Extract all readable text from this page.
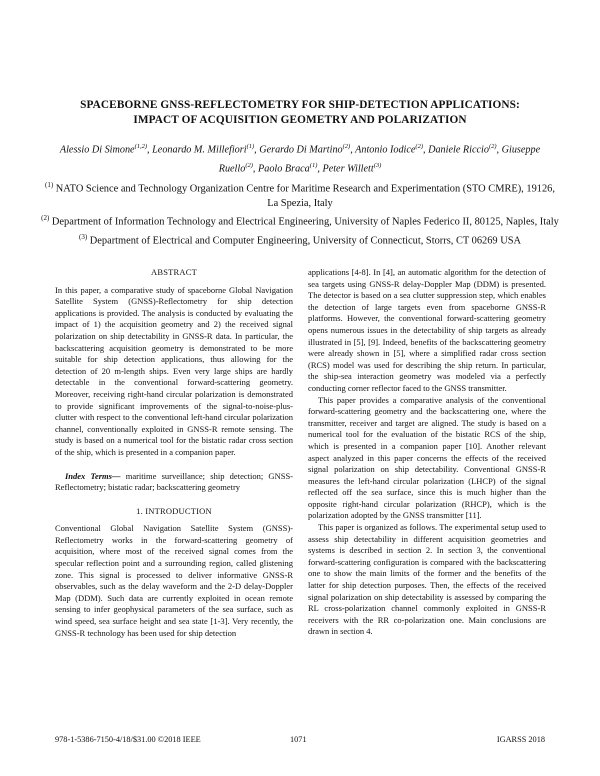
SPACEBORNE GNSS-REFLECTOMETRY FOR SHIP-DETECTION APPLICATIONS:
IMPACT OF ACQUISITION GEOMETRY AND POLARIZATION
Alessio Di Simone$^{(1,2)}$, Leonardo M. Millefiori$^{(1)}$, Gerardo Di Martino$^{(2)}$, Antonio Iodice$^{(2)}$, Daniele Riccio$^{(2)}$, Giuseppe Ruello$^{(2)}$, Paolo Braca$^{(1)}$, Peter Willett$^{(3)}$
$^{(1)}$ NATO Science and Technology Organization Centre for Maritime Research and Experimentation (STO CMRE), 19126, La Spezia, Italy
$^{(2)}$ Department of Information Technology and Electrical Engineering, University of Naples Federico II, 80125, Naples, Italy
$^{(3)}$ Department of Electrical and Computer Engineering, University of Connecticut, Storrs, CT 06269 USA
ABSTRACT

In this paper, a comparative study of spaceborne Global Navigation Satellite System (GNSS)-Reflectometry for ship detection applications is provided. The analysis is conducted by evaluating the impact of 1) the acquisition geometry and 2) the received signal polarization on ship detectability in GNSS-R data. In particular, the backscattering acquisition geometry is demonstrated to be more suitable for ship detection applications, thus allowing for the detection of 20 m-length ships. Even very large ships are hardly detectable in the conventional forward-scattering geometry. Moreover, receiving right-hand circular polarization is demonstrated to provide significant improvements of the signal-to-noise-plus-clutter with respect to the conventional left-hand circular polarization channel, conventionally exploited in GNSS-R remote sensing. The study is based on a numerical tool for the bistatic radar cross section of the ship, which is presented in a companion paper.

Index Terms— maritime surveillance; ship detection; GNSS-Reflectometry; bistatic radar; backscattering geometry

1. INTRODUCTION

Conventional Global Navigation Satellite System (GNSS)-Reflectometry works in the forward-scattering geometry of acquisition, where most of the received signal comes from the specular reflection point and a surrounding region, called glistening zone. This signal is processed to deliver informative GNSS-R observables, such as the delay waveform and the 2-D delay-Doppler Map (DDM). Such data are currently exploited in ocean remote sensing to infer geophysical parameters of the sea surface, such as wind speed, sea surface height and sea state [1-3]. Very recently, the GNSS-R technology has been used for ship detection

applications [4-8]. In [4], an automatic algorithm for the detection of sea targets using GNSS-R delay-Doppler Map (DDM) is presented. The detector is based on a sea clutter suppression step, which enables the detection of large targets even from spaceborne GNSS-R platforms. However, the conventional forward-scattering geometry opens numerous issues in the detectability of ship targets as already illustrated in [5], [9]. Indeed, benefits of the backscattering geometry were already shown in [5], where a simplified radar cross section (RCS) model was used for describing the ship return. In particular, the ship-sea interaction geometry was modeled via a perfectly conducting corner reflector faced to the GNSS transmitter.

This paper provides a comparative analysis of the conventional forward-scattering geometry and the backscattering one, where the transmitter, receiver and target are aligned. The study is based on a numerical tool for the evaluation of the bistatic RCS of the ship, which is presented in a companion paper [10]. Another relevant aspect analyzed in this paper concerns the effects of the received signal polarization on ship detectability. Conventional GNSS-R measures the left-hand circular polarization (LHCP) of the signal reflected off the sea surface, since this is much higher than the opposite right-hand circular polarization (RHCP), which is the polarization adopted by the GNSS transmitter [11].

This paper is organized as follows. The experimental setup used to assess ship detectability in different acquisition geometries and systems is described in section 2. In section 3, the conventional forward-scattering configuration is compared with the backscattering one to show the main limits of the former and the benefits of the latter for ship detection purposes. Then, the effects of the received signal polarization on ship detectability is assessed by comparing the RL cross-polarization channel commonly exploited in GNSS-R receivers with the RR co-polarization one. Main conclusions are drawn in section 4.

978-1-5386-7150-4/18/$31.00 ©2018 IEEE	1071	IGARSS 2018
